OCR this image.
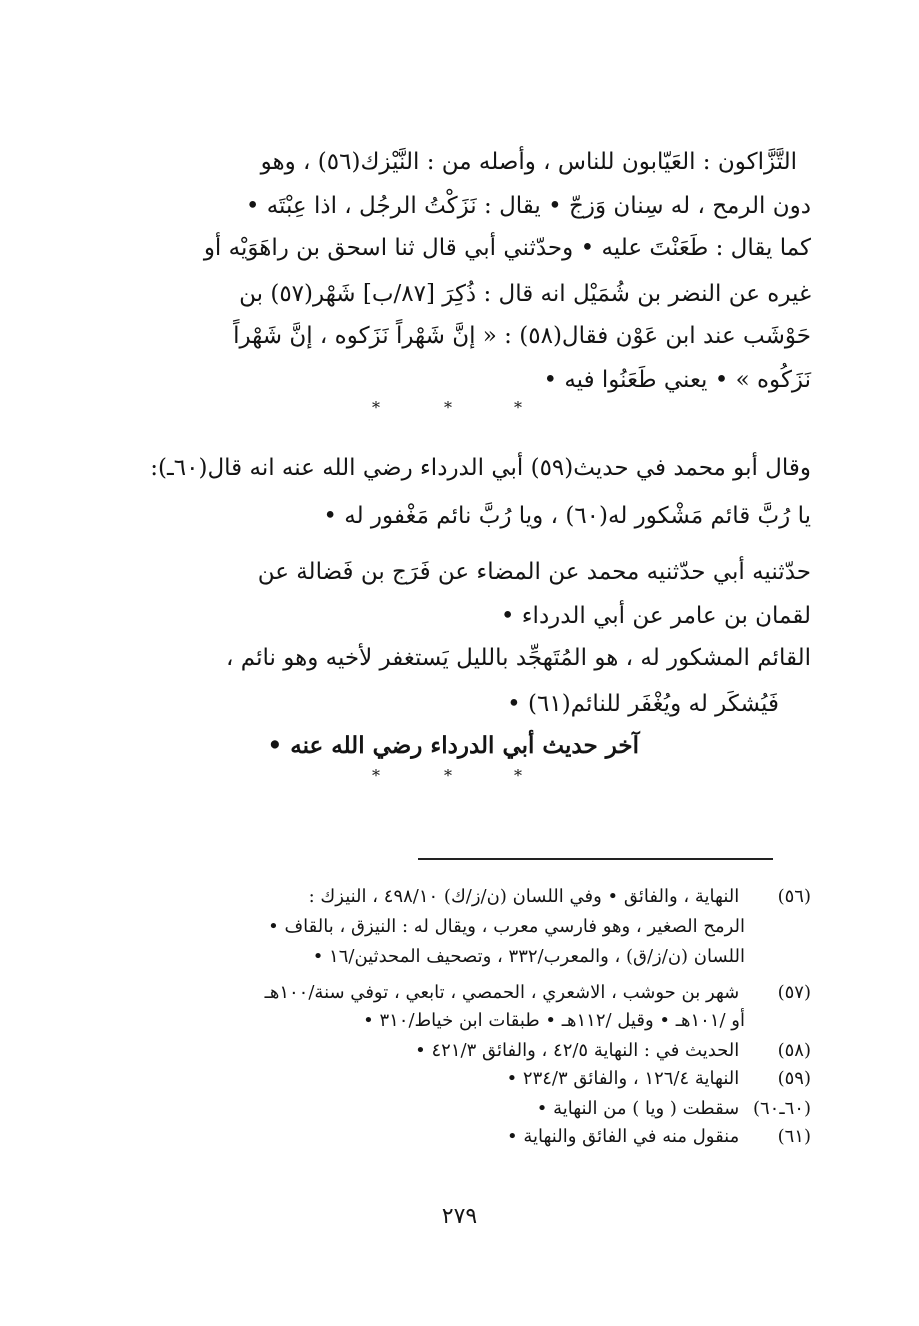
التَّزَّاكون : العَيّابون للناس ، وأصله من : النَّيْزك(٥٦) ، وهو
دون الرمح ، له سِنان وَزجّ • يقال : نَزَكْتُ الرجُل ، اذا عِبْتَه •
كما يقال : طَعَنْتَ عليه • وحدّثني أبي قال ثنا اسحق بن راهَوَيْه أو
غيره عن النضر بن شُمَيْل انه قال : ذُكِرَ [٨٧/ب] شَهْر(٥٧) بن
حَوْشَب عند ابن عَوْن فقال(٥٨) : « إنَّ شَهْراً نَزَكوه ، إنَّ شَهْراً
نَزَكُوه » • يعني طَعَنُوا فيه •
*	*	*
وقال أبو محمد في حديث(٥٩) أبي الدرداء رضي الله عنه انه قال(٦٠ـ):
يا رُبَّ قائم مَشْكور له(٦٠) ، ويا رُبَّ نائم مَغْفور له •
حدّثنيه أبي حدّثنيه محمد عن المضاء عن فَرَج بن فَضالة عن
لقمان بن عامر عن أبي الدرداء •
القائم المشكور له ، هو المُتَهجِّد بالليل يَستغفر لأخيه وهو نائم ،
فَيُشكَر له ويُغْفَر للنائم(٦١) •
آخر حديث أبي الدرداء رضي الله عنه •
*	*	*
(٥٦) النهاية ، والفائق • وفي اللسان (ن/ز/ك) ٤٩٨/١٠ ، النيزك :
الرمح الصغير ، وهو فارسي معرب ، ويقال له : النيزق ، بالقاف •
اللسان (ن/ز/ق) ، والمعرب/٣٣٢ ، وتصحيف المحدثين/١٦ •
(٥٧) شهر بن حوشب ، الاشعري ، الحمصي ، تابعي ، توفي سنة/١٠٠هـ
أو /١٠١هـ • وقيل /١١٢هـ • طبقات ابن خياط/٣١٠ •
(٥٨) الحديث في : النهاية ٤٢/٥ ، والفائق ٤٢١/٣ •
(٥٩) النهاية ١٢٦/٤ ، والفائق ٢٣٤/٣ •
(٦٠ـ٦٠) سقطت ( ويا ) من النهاية •
(٦١) منقول منه في الفائق والنهاية •
٢٧٩
